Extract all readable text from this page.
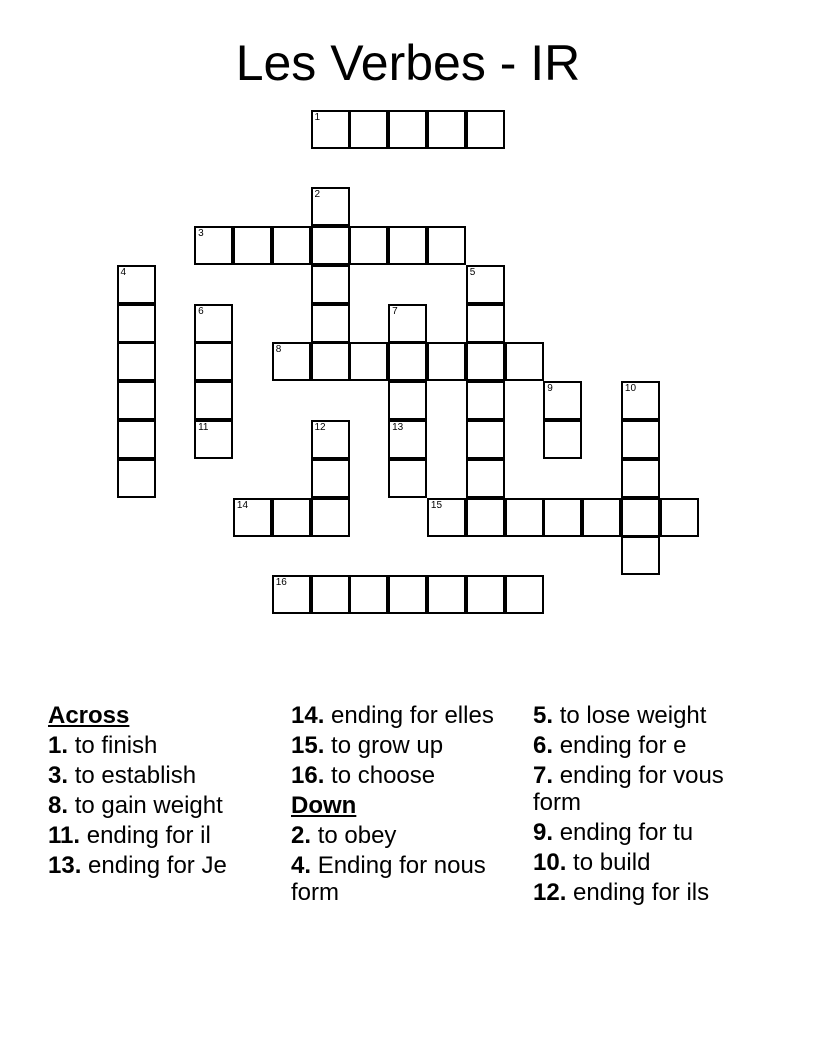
Les Verbes - IR
1
3
8
11	13
14	15
16
2
4	5
6	7
9	10
12
Across
1. to finish
3. to establish
8. to gain weight
11. ending for il
13. ending for Je
14. ending for elles
15. to grow up
16. to choose
Down
2. to obey
4. Ending for nous form
5. to lose weight
6. ending for e
7. ending for vous form
9. ending for tu
10. to build
12. ending for ils
